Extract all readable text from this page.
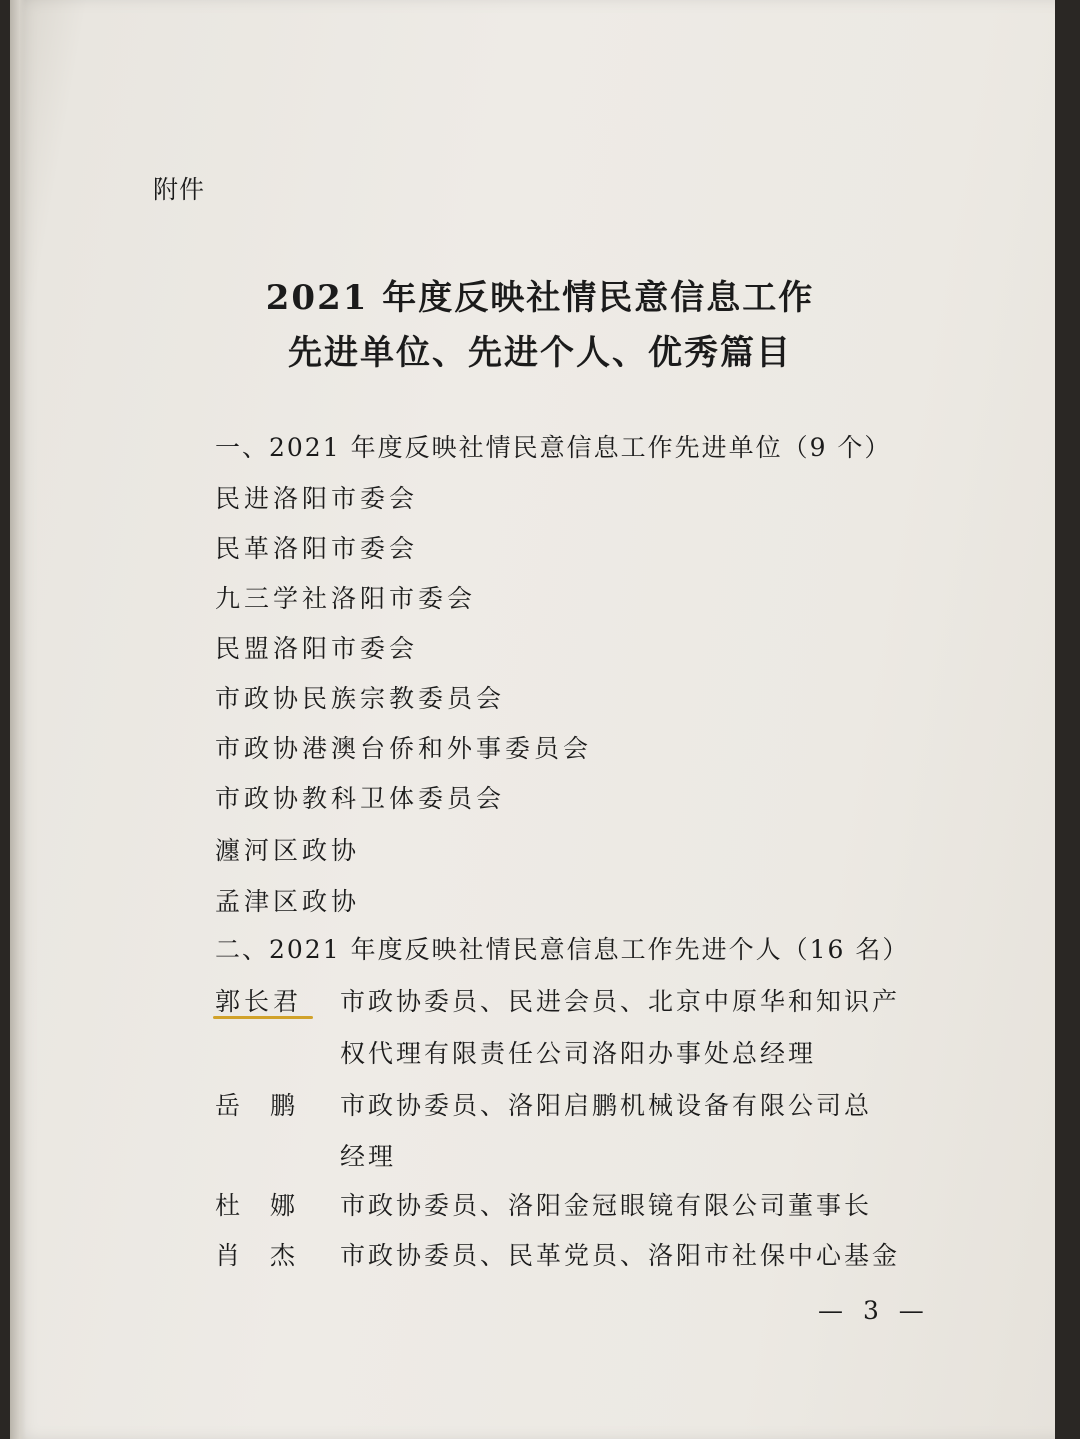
附件
2021 年度反映社情民意信息工作
先进单位、先进个人、优秀篇目
一、2021 年度反映社情民意信息工作先进单位（9 个）
民进洛阳市委会
民革洛阳市委会
九三学社洛阳市委会
民盟洛阳市委会
市政协民族宗教委员会
市政协港澳台侨和外事委员会
市政协教科卫体委员会
瀍河区政协
孟津区政协
二、2021 年度反映社情民意信息工作先进个人（16 名）
郭长君 市政协委员、民进会员、北京中原华和知识产
权代理有限责任公司洛阳办事处总经理
岳鹏 市政协委员、洛阳启鹏机械设备有限公司总
经理
杜娜 市政协委员、洛阳金冠眼镜有限公司董事长
肖杰 市政协委员、民革党员、洛阳市社保中心基金
— 3 —
